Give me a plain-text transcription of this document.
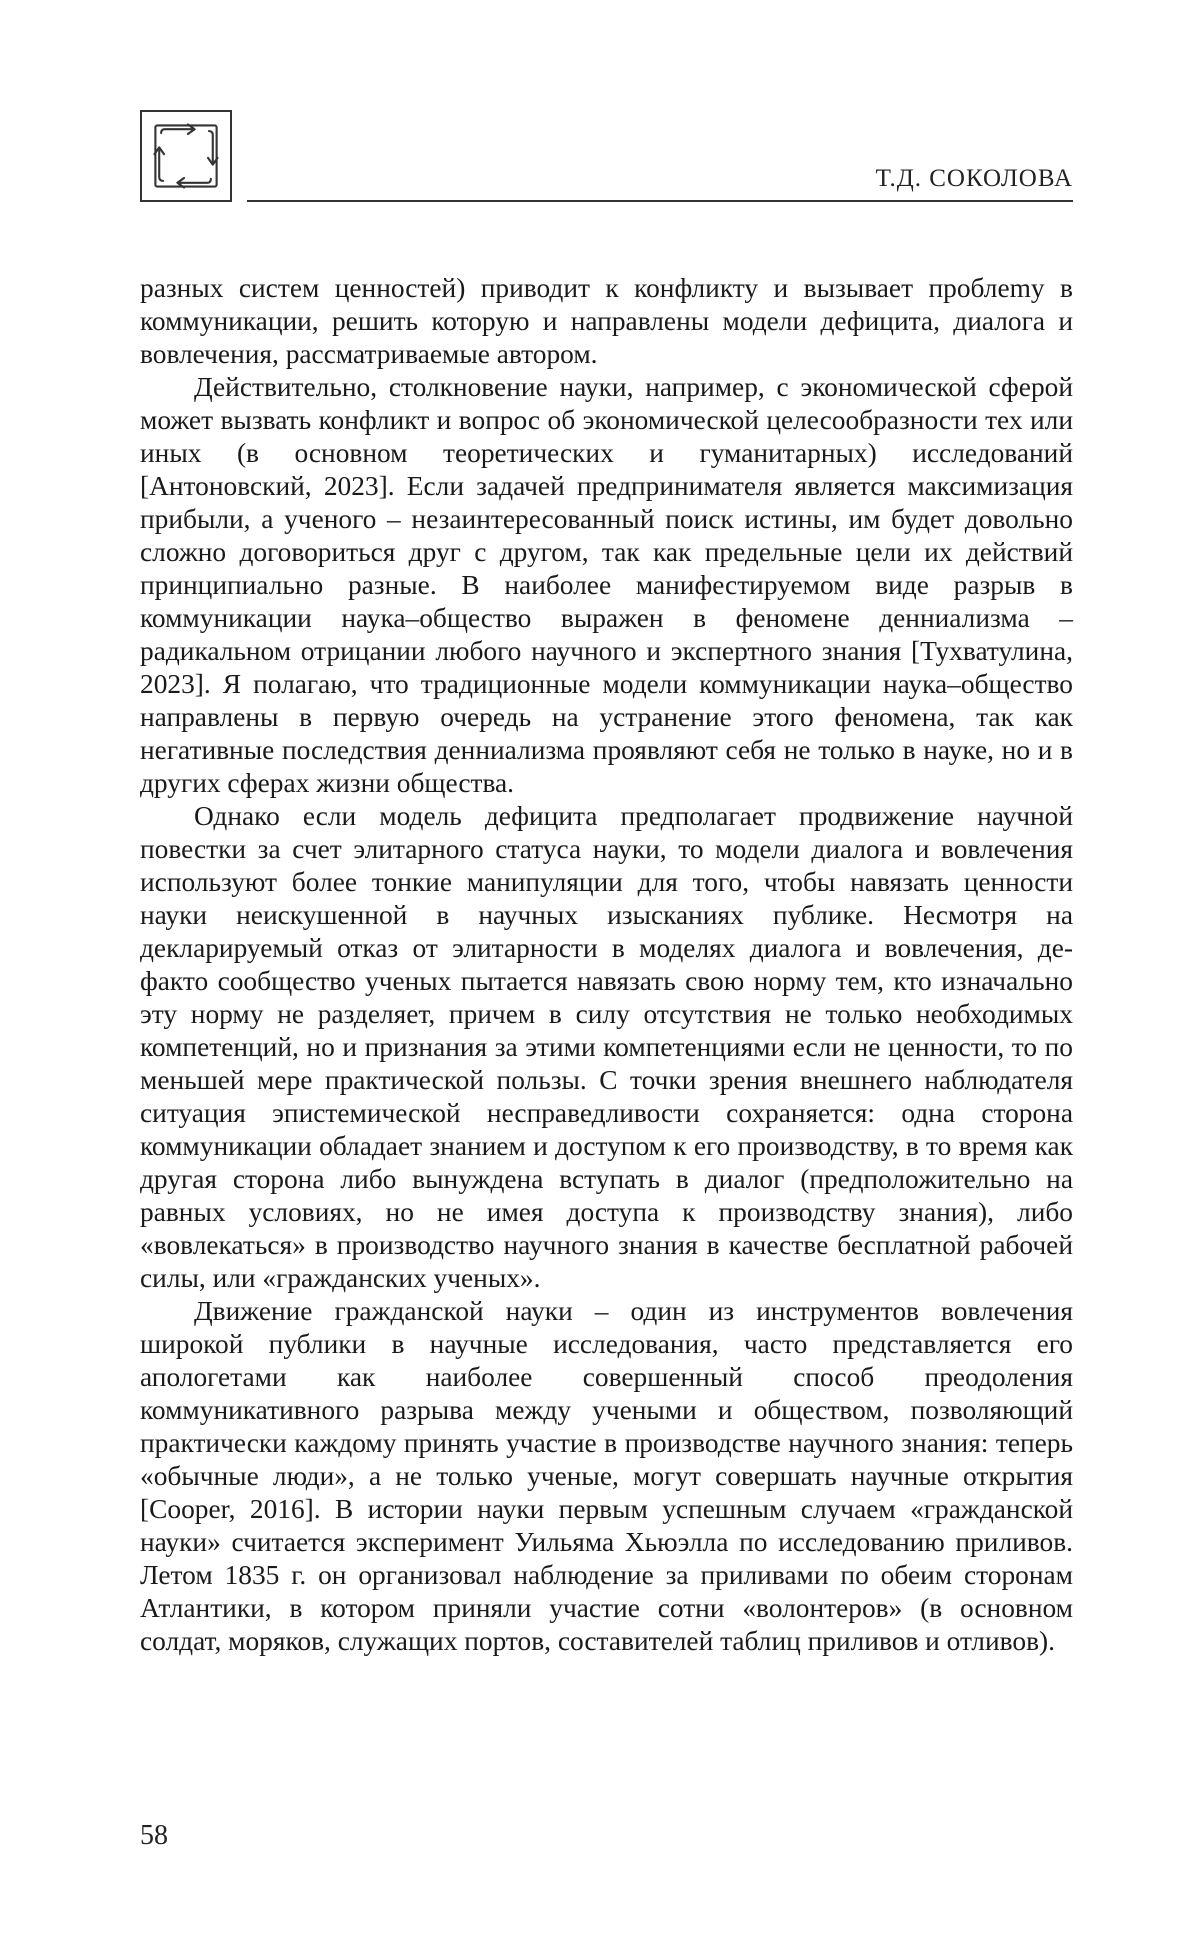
Т.Д. СОКОЛОВА

разных систем ценностей) приводит к конфликту и вызывает проблеmу в коммуникации, решить которую и направлены модели дефицита, диалога и вовлечения, рассматриваемые автором.

Действительно, столкновение науки, например, с экономической сферой может вызвать конфликт и вопрос об экономической целесообразности тех или иных (в основном теоретических и гуманитарных) исследований [Антоновский, 2023]. Если задачей предпринимателя является максимизация прибыли, а ученого – незаинтересованный поиск истины, им будет довольно сложно договориться друг с другом, так как предельные цели их действий принципиально разные. В наиболее манифестируемом виде разрыв в коммуникации наука–общество выражен в феномене денниализма – радикальном отрицании любого научного и экспертного знания [Тухватулина, 2023]. Я полагаю, что традиционные модели коммуникации наука–общество направлены в первую очередь на устранение этого феномена, так как негативные последствия денниализма проявляют себя не только в науке, но и в других сферах жизни общества.

Однако если модель дефицита предполагает продвижение научной повестки за счет элитарного статуса науки, то модели диалога и вовлечения используют более тонкие манипуляции для того, чтобы навязать ценности науки неискушенной в научных изысканиях публике. Несмотря на декларируемый отказ от элитарности в моделях диалога и вовлечения, де-факто сообщество ученых пытается навязать свою норму тем, кто изначально эту норму не разделяет, причем в силу отсутствия не только необходимых компетенций, но и признания за этими компетенциями если не ценности, то по меньшей мере практической пользы. С точки зрения внешнего наблюдателя ситуация эпистемической несправедливости сохраняется: одна сторона коммуникации обладает знанием и доступом к его производству, в то время как другая сторона либо вынуждена вступать в диалог (предположительно на равных условиях, но не имея доступа к производству знания), либо «вовлекаться» в производство научного знания в качестве бесплатной рабочей силы, или «гражданских ученых».

Движение гражданской науки – один из инструментов вовлечения широкой публики в научные исследования, часто представляется его апологетами как наиболее совершенный способ преодоления коммуникативного разрыва между учеными и обществом, позволяющий практически каждому принять участие в производстве научного знания: теперь «обычные люди», а не только ученые, могут совершать научные открытия [Cooper, 2016]. В истории науки первым успешным случаем «гражданской науки» считается эксперимент Уильяма Хьюэлла по исследованию приливов. Летом 1835 г. он организовал наблюдение за приливами по обеим сторонам Атлантики, в котором приняли участие сотни «волонтеров» (в основном солдат, моряков, служащих портов, составителей таблиц приливов и отливов).

58
